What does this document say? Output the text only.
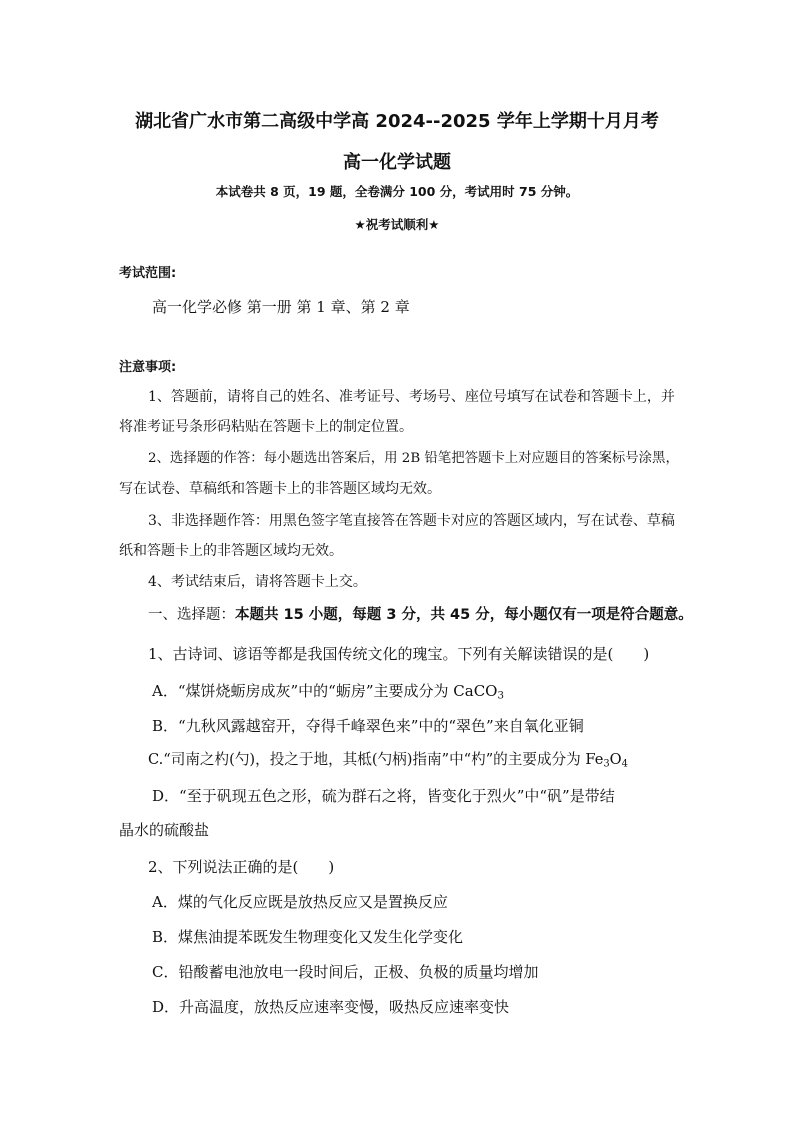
湖北省广水市第二高级中学高 2024--2025 学年上学期十月月考
高一化学试题
本试卷共 8 页，19 题，全卷满分 100 分，考试用时 75 分钟。
★祝考试顺利★
考试范围:
高一化学必修 第一册 第 1 章、第 2 章
注意事项:
1、答题前，请将自己的姓名、准考证号、考场号、座位号填写在试卷和答题卡上，并
将准考证号条形码粘贴在答题卡上的制定位置。
2、选择题的作答：每小题选出答案后，用 2B 铅笔把答题卡上对应题目的答案标号涂黑，
写在试卷、草稿纸和答题卡上的非答题区域均无效。
3、非选择题作答：用黑色签字笔直接答在答题卡对应的答题区域内，写在试卷、草稿
纸和答题卡上的非答题区域均无效。
4、考试结束后，请将答题卡上交。
一、选择题：本题共 15 小题，每题 3 分，共 45 分，每小题仅有一项是符合题意。
1、古诗词、谚语等都是我国传统文化的瑰宝。下列有关解读错误的是(　　)
A．“煤饼烧蛎房成灰”中的“蛎房”主要成分为 CaCO$_3$
B．“九秋风露越窑开，夺得千峰翠色来”中的“翠色”来自氧化亚铜
C.“司南之杓(勺)，投之于地，其柢(勺柄)指南”中“杓”的主要成分为 $Fe_3O_4$
D．“至于矾现五色之形，硫为群石之将，皆变化于烈火”中“矾”是带结
晶水的硫酸盐
2、下列说法正确的是(　　)
A．煤的气化反应既是放热反应又是置换反应
B．煤焦油提苯既发生物理变化又发生化学变化
C．铅酸蓄电池放电一段时间后，正极、负极的质量均增加
D．升高温度，放热反应速率变慢，吸热反应速率变快
